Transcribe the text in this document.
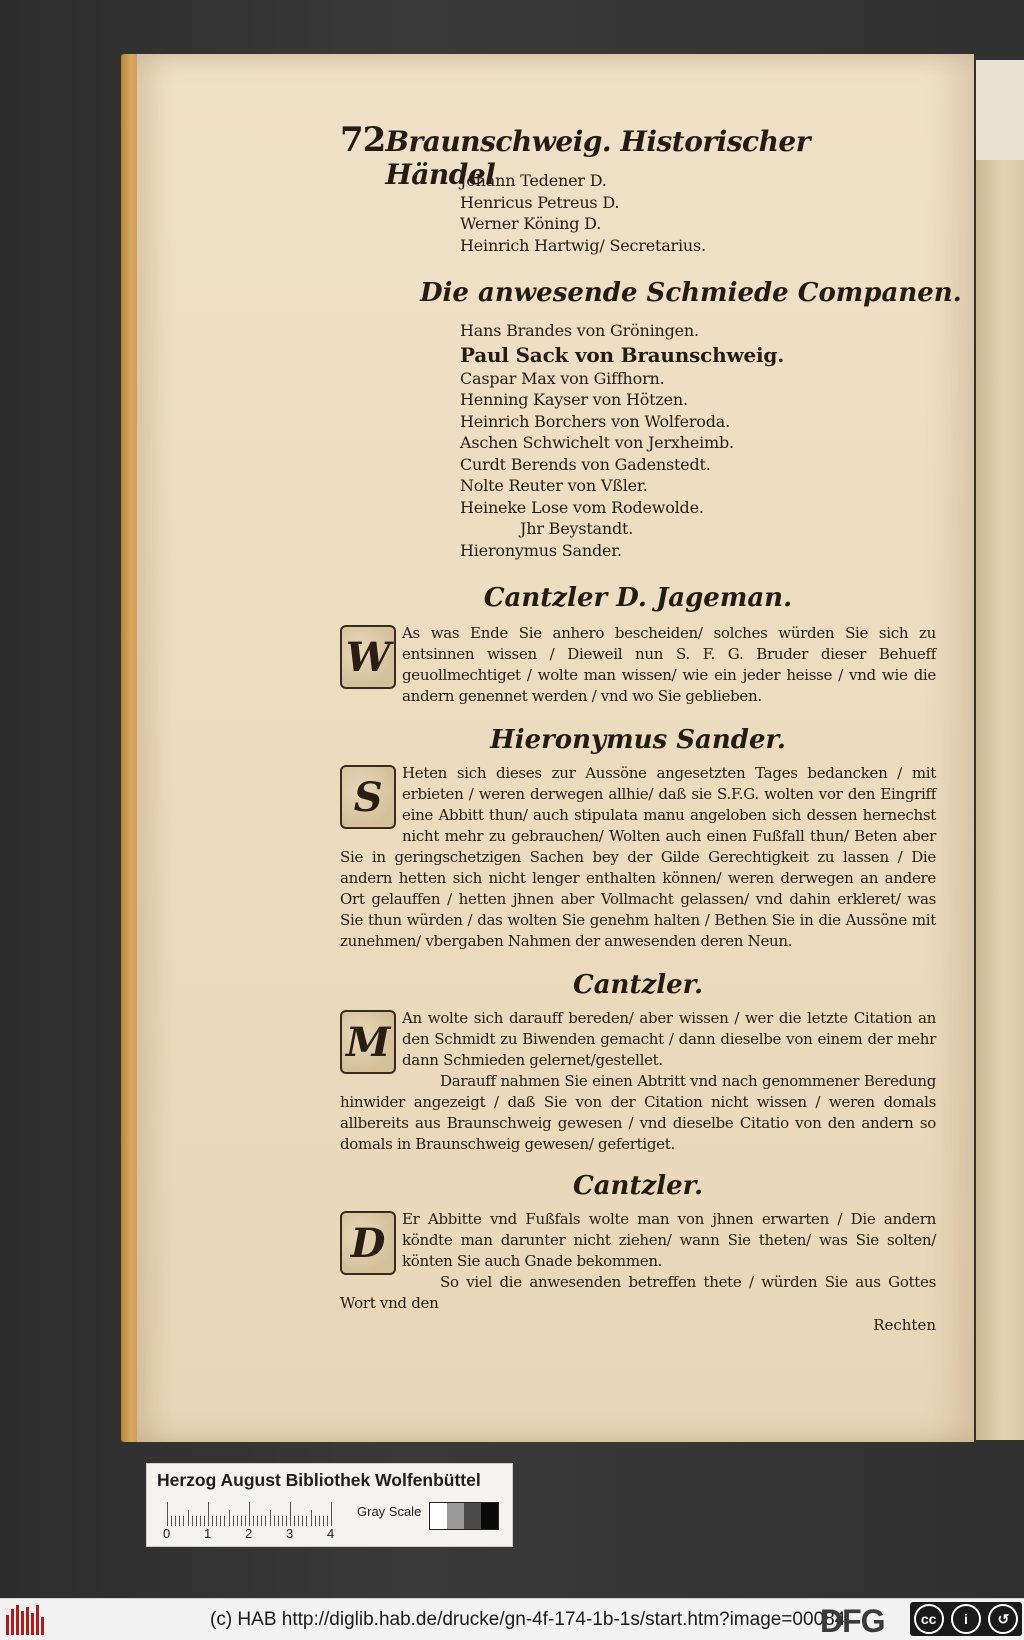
72 Braunschweig. Historischer Händel
Johann Tedener D.
Henricus Petreus D.
Werner Köning D.
Heinrich Hartwig/ Secretarius.
Die anwesende Schmiede Companen.
Hans Brandes von Gröningen.
Paul Sack von Braunschweig.
Caspar Max von Giffhorn.
Henning Kayser von Hötzen.
Heinrich Borchers von Wolferoda.
Aschen Schwichelt von Jerxheimb.
Curdt Berends von Gadenstedt.
Nolte Reuter von Vßler.
Heineke Lose vom Rodewolde.
Jhr Beystandt.
Hieronymus Sander.
Cantzler D. Jageman.

W
As was Ende Sie anhero bescheiden/ solches würden Sie sich zu entsinnen wissen / Dieweil nun S. F. G. Bruder dieser Behueff geuollmechtiget / wolte man wissen/ wie ein jeder heisse / vnd wie die andern genennet werden / vnd wo Sie geblieben.

Hieronymus Sander.

S
Heten sich dieses zur Aussöne angesetzten Tages bedancken / mit erbieten / weren derwegen allhie/ daß sie S.F.G. wolten vor den Eingriff eine Abbitt thun/ auch stipulata manu angeloben sich dessen hernechst nicht mehr zu gebrauchen/ Wolten auch einen Fußfall thun/ Beten aber Sie in geringschetzigen Sachen bey der Gilde Gerechtigkeit zu lassen / Die andern hetten sich nicht lenger enthalten können/ weren derwegen an andere Ort gelauffen / hetten jhnen aber Vollmacht gelassen/ vnd dahin erkleret/ was Sie thun würden / das wolten Sie genehm halten / Bethen Sie in die Aussöne mit zunehmen/ vbergaben Nahmen der anwesenden deren Neun.

Cantzler.

M
An wolte sich darauff bereden/ aber wissen / wer die letzte Citation an den Schmidt zu Biwenden gemacht / dann dieselbe von einem der mehr dann Schmieden gelernet/gestellet.

Darauff nahmen Sie einen Abtritt vnd nach genommener Beredung hinwider angezeigt / daß Sie von der Citation nicht wissen / weren domals allbereits aus Braunschweig gewesen / vnd dieselbe Citatio von den andern so domals in Braunschweig gewesen/ gefertiget.

Cantzler.

D
Er Abbitte vnd Fußfals wolte man von jhnen erwarten / Die andern köndte man darunter nicht ziehen/ wann Sie theten/ was Sie solten/ könten Sie auch Gnade bekommen.

So viel die anwesenden betreffen thete / würden Sie aus Gottes Wort vnd den

Rechten
Herzog August Bibliothek Wolfenbüttel
0	1	2	3	4
Gray Scale
(c) HAB http://diglib.hab.de/drucke/gn-4f-174-1b-1s/start.htm?image=00084
DFG	cc	i	↺
